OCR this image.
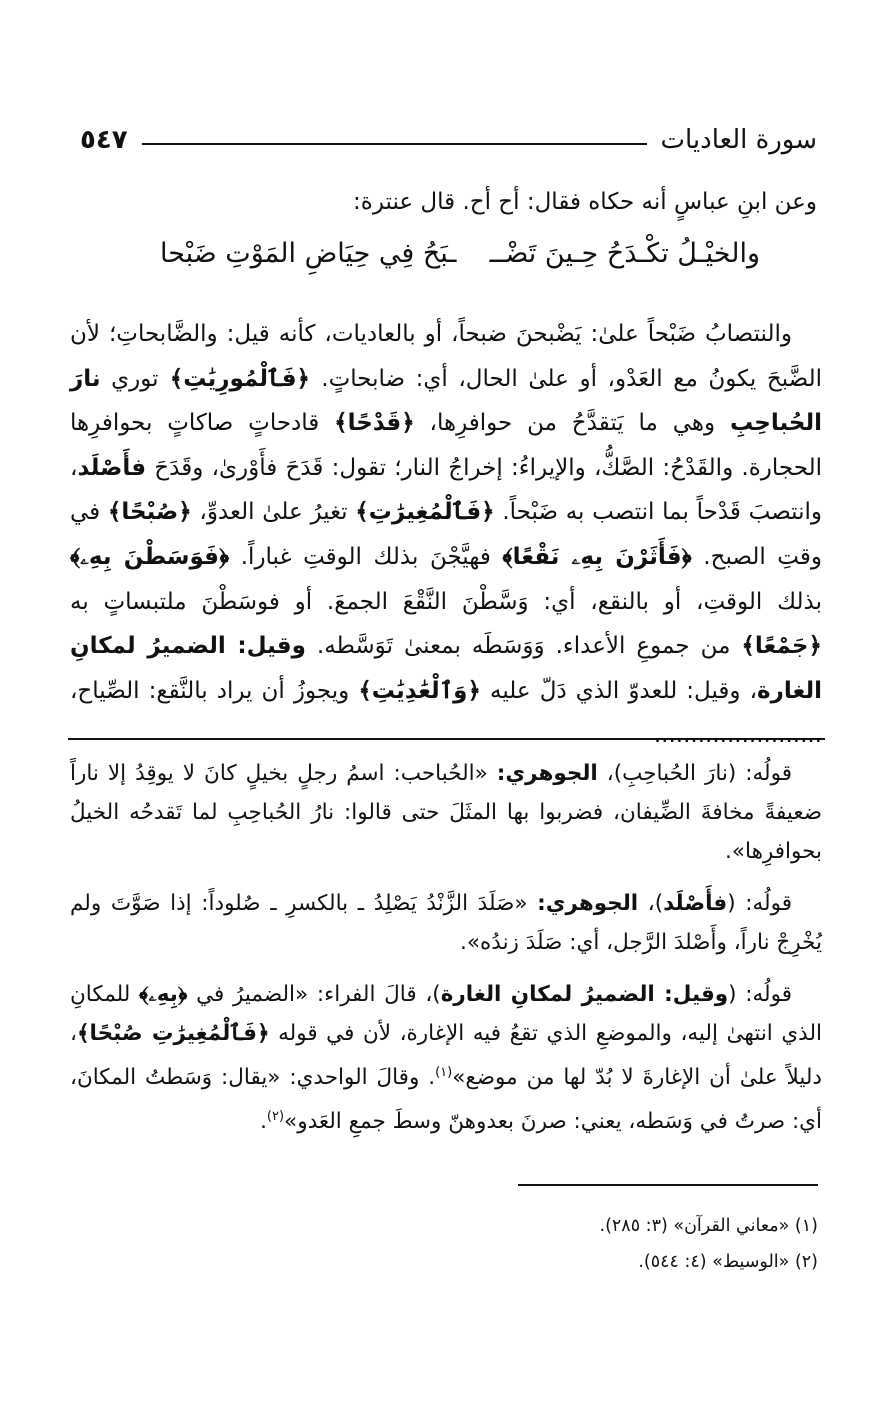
سورة العاديات
٥٤٧
وعن ابنِ عباسٍ أنه حكاه فقال: أح أح. قال عنترة:
والخيْـلُ تكْـدَحُ حِـينَ تَضْــ
ـبَحُ فِي حِيَاضِ المَوْتِ ضَبْحا

والنتصابُ ضَبْحاً علىٰ: يَضْبحنَ ضبحاً، أو بالعاديات، كأنه قيل: والضَّابحاتِ؛ لأن الضَّبحَ يكونُ مع العَدْو، أو علىٰ الحال، أي: ضابحاتٍ. ﴿فَٱلْمُورِيَٰتِ﴾ توري نارَ الحُباحِبِ وهي ما يَتقدَّحُ من حوافرِها، ﴿قَدْحًا﴾ قادحاتٍ صاكاتٍ بحوافرِها الحجارة. والقَدْحُ: الصَّكُّ، والإيراءُ: إخراجُ النار؛ تقول: قَدَحَ فأَوْرىٰ، وقَدَحَ فأَصْلَد، وانتصبَ قَدْحاً بما انتصب به ضَبْحاً. ﴿فَٱلْمُغِيرَٰتِ﴾ تغيرُ علىٰ العدوِّ، ﴿صُبْحًا﴾ في وقتِ الصبح. ﴿فَأَثَرْنَ بِهِۦ نَقْعًا﴾ فهيَّجْنَ بذلك الوقتِ غباراً. ﴿فَوَسَطْنَ بِهِۦ﴾ بذلك الوقتِ، أو بالنقع، أي: وَسَّطْنَ النَّقْعَ الجمعَ. أو فوسَطْنَ ملتبساتٍ به ﴿جَمْعًا﴾ من جموعِ الأعداء. وَوَسَطَه بمعنىٰ تَوَسَّطه. وقيل: الضميرُ لمكانِ الغارة، وقيل: للعدوّ الذي دَلّ عليه ﴿وَٱلْعَٰدِيَٰتِ﴾ ويجوزُ أن يراد بالنَّقع: الصِّياح، .......................

قولُه: (نارَ الحُباحِبِ)، الجوهري: «الحُباحب: اسمُ رجلٍ بخيلٍ كانَ لا يوقِدُ إلا ناراً ضعيفةً مخافةَ الضِّيفان، فضربوا بها المثَلَ حتى قالوا: نارُ الحُباحِبِ لما تَقدحُه الخيلُ بحوافرِها».

قولُه: (فأَصْلَد)، الجوهري: «صَلَدَ الزَّنْدُ يَصْلِدُ ـ بالكسرِ ـ صُلوداً: إذا صَوَّتَ ولم يُخْرِجْ ناراً، وأَصْلدَ الرَّجل، أي: صَلَدَ زندُه».

قولُه: (وقيل: الضميرُ لمكانِ الغارة)، قالَ الفراء: «الضميرُ في ﴿بِهِۦ﴾ للمكانِ الذي انتهىٰ إليه، والموضعِ الذي تقعُ فيه الإغارة، لأن في قوله ﴿فَٱلْمُغِيرَٰتِ صُبْحًا﴾، دليلاً علىٰ أن الإغارةَ لا بُدّ لها من موضع»$^{(١)}$. وقالَ الواحدي: «يقال: وَسَطتُ المكانَ، أي: صرتُ في وَسَطه، يعني: صرنَ بعدوهنّ وسطَ جمعِ العَدو»$^{(٢)}$.

(١) «معاني القرآن» (٣: ٢٨٥).
(٢) «الوسيط» (٤: ٥٤٤).
